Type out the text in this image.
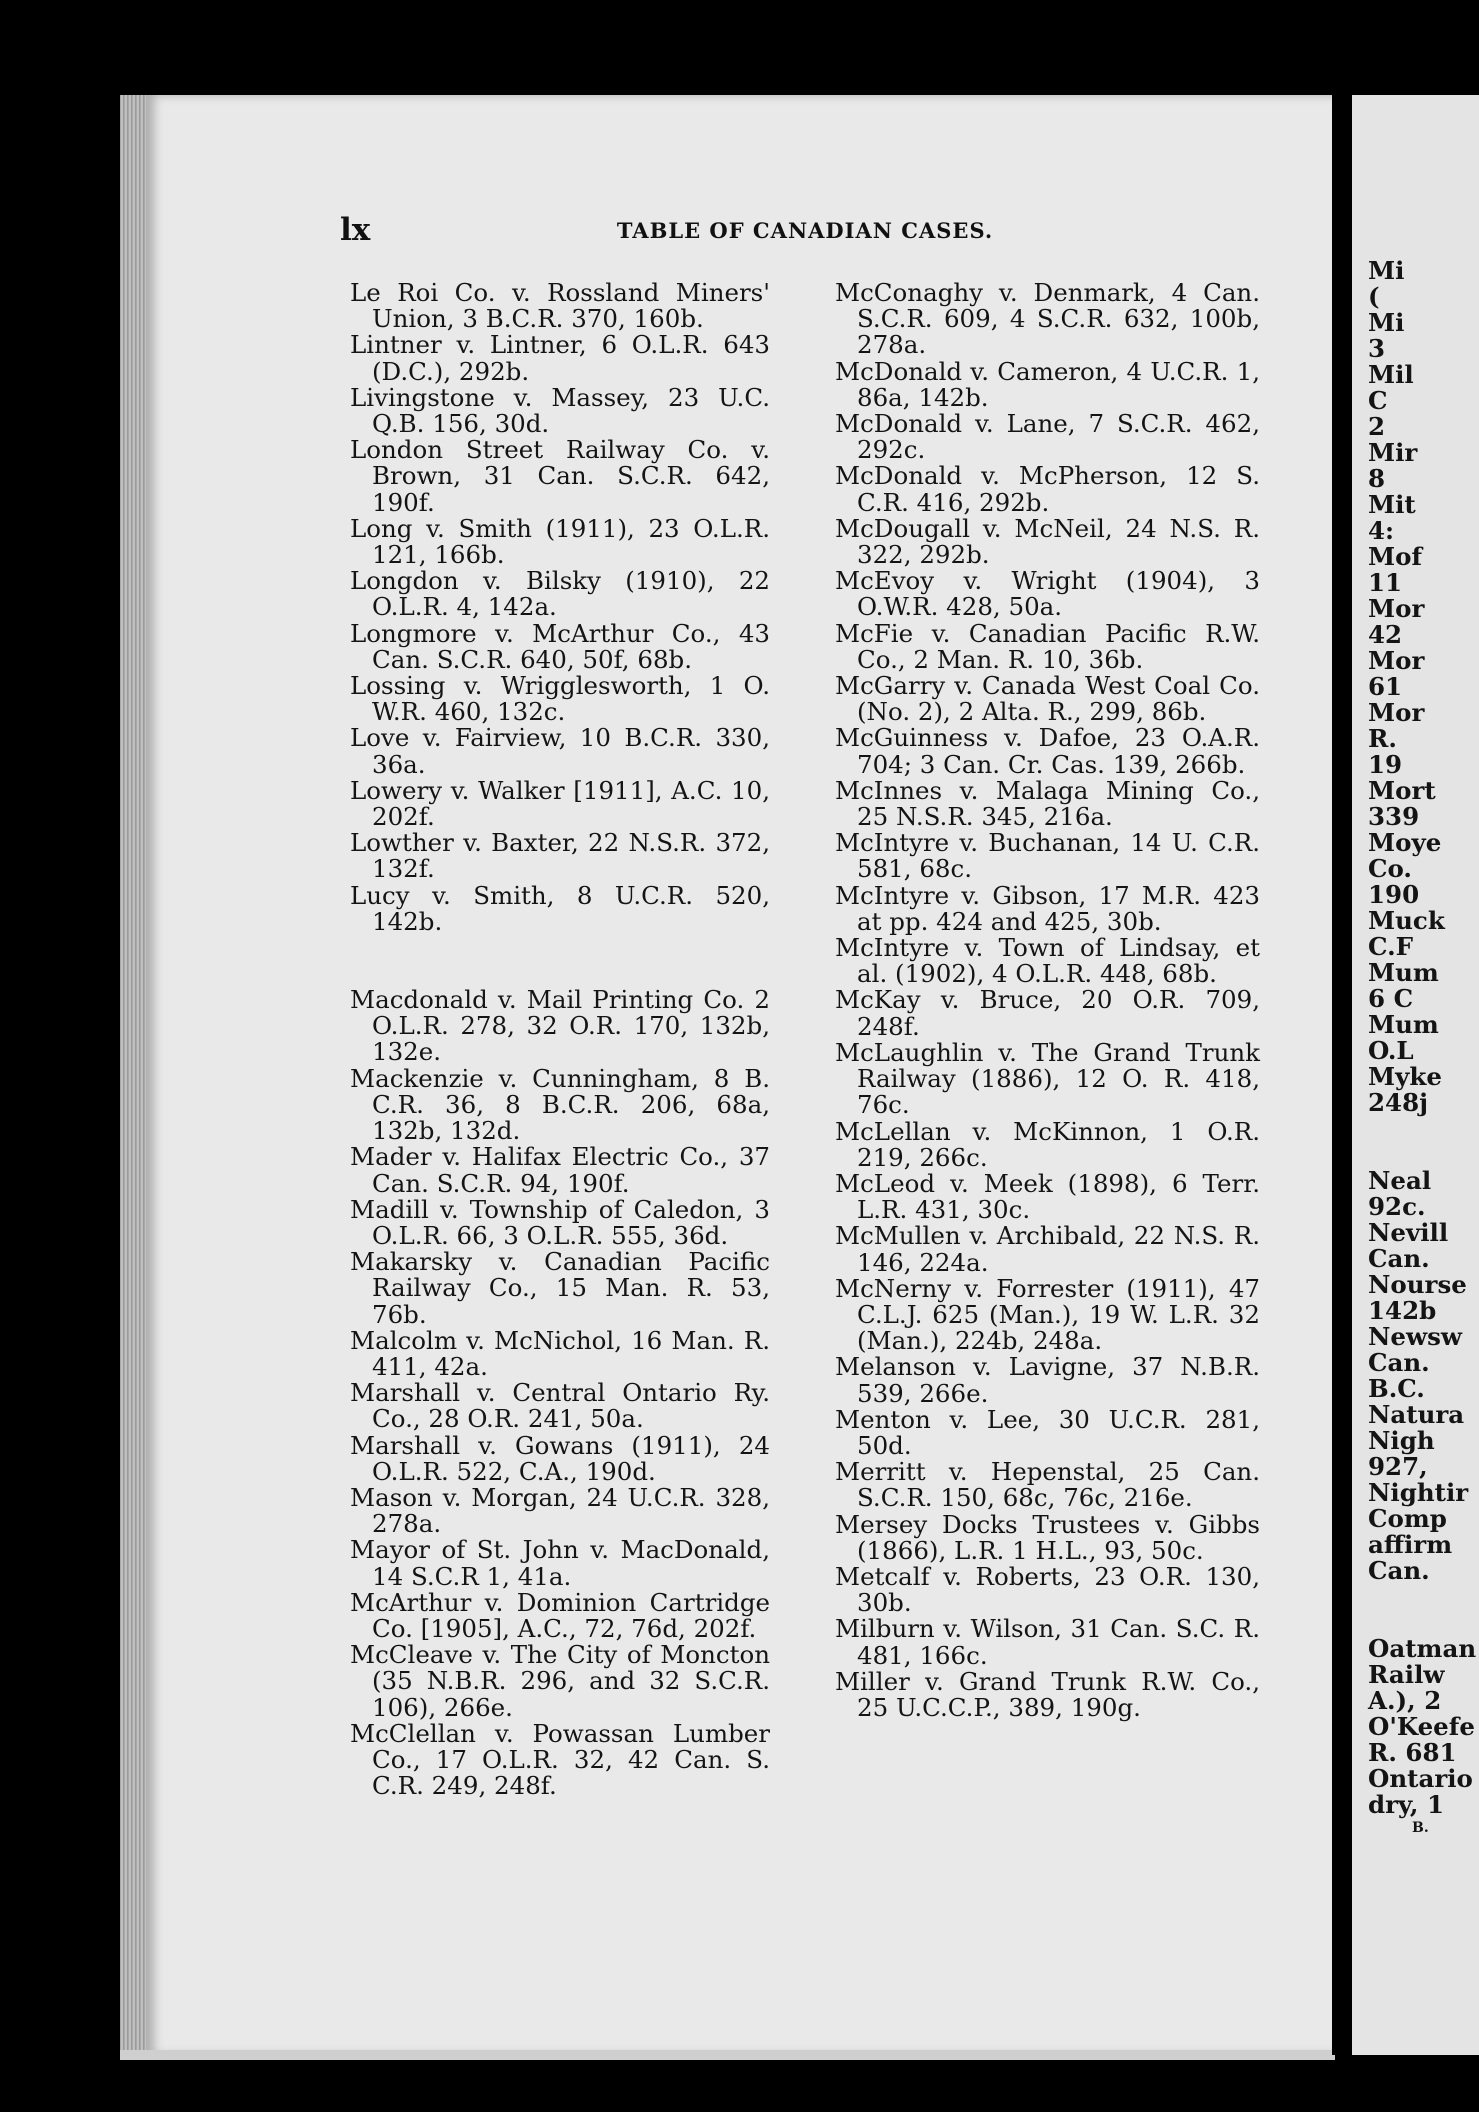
lx	TABLE OF CANADIAN CASES.

Le Roi Co. v. Rossland Miners' Union, 3 B.C.R. 370, 160b.

Lintner v. Lintner, 6 O.L.R. 643 (D.C.), 292b.

Livingstone v. Massey, 23 U.C. Q.B. 156, 30d.

London Street Railway Co. v. Brown, 31 Can. S.C.R. 642, 190f.

Long v. Smith (1911), 23 O.L.R. 121, 166b.

Longdon v. Bilsky (1910), 22 O.L.R. 4, 142a.

Longmore v. McArthur Co., 43 Can. S.C.R. 640, 50f, 68b.

Lossing v. Wrigglesworth, 1 O. W.R. 460, 132c.

Love v. Fairview, 10 B.C.R. 330, 36a.

Lowery v. Walker [1911], A.C. 10, 202f.

Lowther v. Baxter, 22 N.S.R. 372, 132f.

Lucy v. Smith, 8 U.C.R. 520, 142b.

Macdonald v. Mail Printing Co. 2 O.L.R. 278, 32 O.R. 170, 132b, 132e.

Mackenzie v. Cunningham, 8 B. C.R. 36, 8 B.C.R. 206, 68a, 132b, 132d.

Mader v. Halifax Electric Co., 37 Can. S.C.R. 94, 190f.

Madill v. Township of Caledon, 3 O.L.R. 66, 3 O.L.R. 555, 36d.

Makarsky v. Canadian Pacific Railway Co., 15 Man. R. 53, 76b.

Malcolm v. McNichol, 16 Man. R. 411, 42a.

Marshall v. Central Ontario Ry. Co., 28 O.R. 241, 50a.

Marshall v. Gowans (1911), 24 O.L.R. 522, C.A., 190d.

Mason v. Morgan, 24 U.C.R. 328, 278a.

Mayor of St. John v. MacDonald, 14 S.C.R 1, 41a.

McArthur v. Dominion Cartridge Co. [1905], A.C., 72, 76d, 202f.

McCleave v. The City of Moncton (35 N.B.R. 296, and 32 S.C.R. 106), 266e.

McClellan v. Powassan Lumber Co., 17 O.L.R. 32, 42 Can. S. C.R. 249, 248f.

McConaghy v. Denmark, 4 Can. S.C.R. 609, 4 S.C.R. 632, 100b, 278a.

McDonald v. Cameron, 4 U.C.R. 1, 86a, 142b.

McDonald v. Lane, 7 S.C.R. 462, 292c.

McDonald v. McPherson, 12 S. C.R. 416, 292b.

McDougall v. McNeil, 24 N.S. R. 322, 292b.

McEvoy v. Wright (1904), 3 O.W.R. 428, 50a.

McFie v. Canadian Pacific R.W. Co., 2 Man. R. 10, 36b.

McGarry v. Canada West Coal Co. (No. 2), 2 Alta. R., 299, 86b.

McGuinness v. Dafoe, 23 O.A.R. 704; 3 Can. Cr. Cas. 139, 266b.

McInnes v. Malaga Mining Co., 25 N.S.R. 345, 216a.

McIntyre v. Buchanan, 14 U. C.R. 581, 68c.

McIntyre v. Gibson, 17 M.R. 423 at pp. 424 and 425, 30b.

McIntyre v. Town of Lindsay, et al. (1902), 4 O.L.R. 448, 68b.

McKay v. Bruce, 20 O.R. 709, 248f.

McLaughlin v. The Grand Trunk Railway (1886), 12 O. R. 418, 76c.

McLellan v. McKinnon, 1 O.R. 219, 266c.

McLeod v. Meek (1898), 6 Terr. L.R. 431, 30c.

McMullen v. Archibald, 22 N.S. R. 146, 224a.

McNerny v. Forrester (1911), 47 C.L.J. 625 (Man.), 19 W. L.R. 32 (Man.), 224b, 248a.

Melanson v. Lavigne, 37 N.B.R. 539, 266e.

Menton v. Lee, 30 U.C.R. 281, 50d.

Merritt v. Hepenstal, 25 Can. S.C.R. 150, 68c, 76c, 216e.

Mersey Docks Trustees v. Gibbs (1866), L.R. 1 H.L., 93, 50c.

Metcalf v. Roberts, 23 O.R. 130, 30b.

Milburn v. Wilson, 31 Can. S.C. R. 481, 166c.

Miller v. Grand Trunk R.W. Co., 25 U.C.C.P., 389, 190g.

Mi
(
Mi
3
Mil
C
2
Mir
8
Mit
4:
Mof
11
Mor
42
Mor
61
Mor
R.
19
Mort
339
Moye
Co.
190
Muck
C.F
Mum
6 C
Mum
O.L
Myke
248j
Neal
92c.
Nevill
Can.
Nourse
142b
Newsw
Can.
B.C.
Natura
Nigh
927,
Nightir
Comp
affirm
Can.
Oatman
Railw
A.), 2
O'Keefe
R. 681
Ontario
dry, 1
B.
